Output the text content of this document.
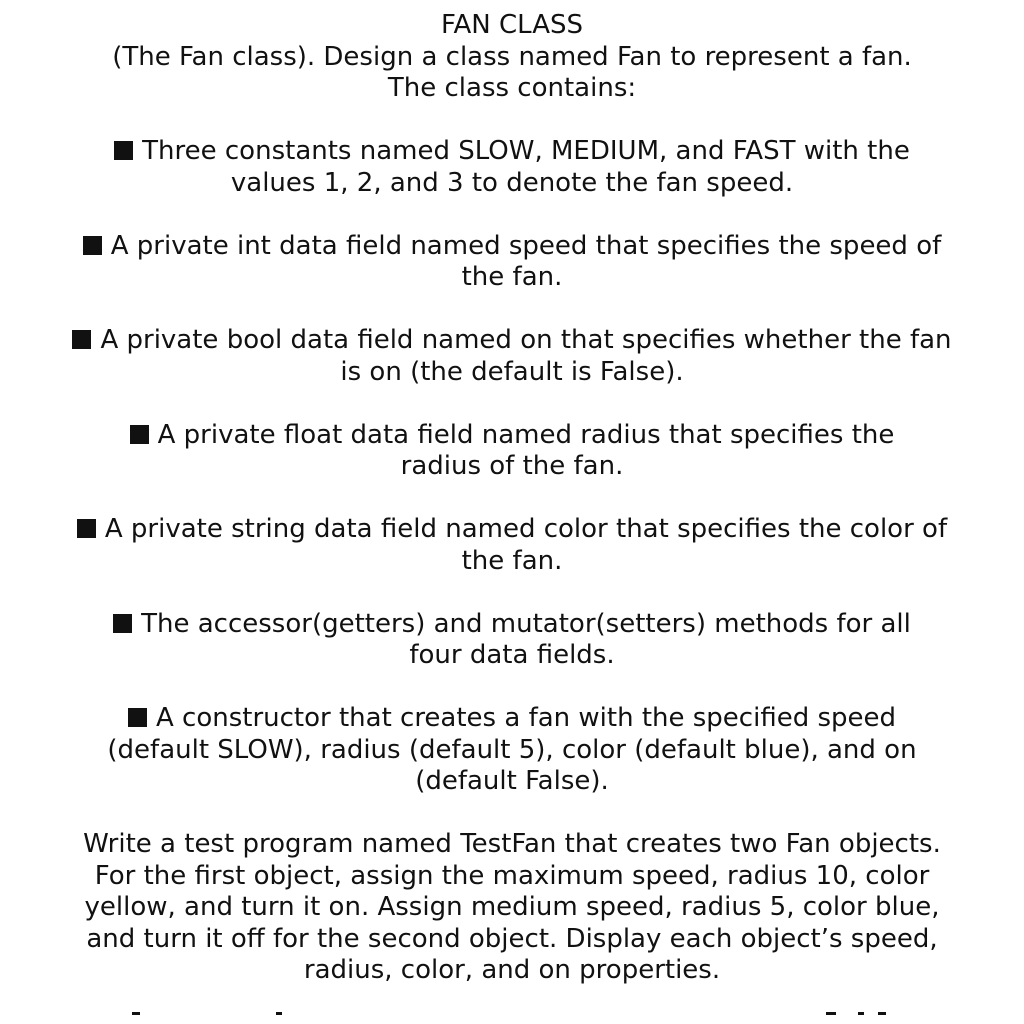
FAN CLASS

(The Fan class). Design a class named Fan to represent a fan.

The class contains:

Three constants named SLOW, MEDIUM, and FAST with the values 1, 2, and 3 to denote the fan speed.

A private int data field named speed that specifies the speed of the fan.

A private bool data field named on that specifies whether the fan is on (the default is False).

A private float data field named radius that specifies the radius of the fan.

A private string data field named color that specifies the color of the fan.

The accessor(getters) and mutator(setters) methods for all four data fields.

A constructor that creates a fan with the specified speed (default SLOW), radius (default 5), color (default blue), and on (default False).

Write a test program named TestFan that creates two Fan objects. For the first object, assign the maximum speed, radius 10, color yellow, and turn it on. Assign medium speed, radius 5, color blue, and turn it off for the second object. Display each object’s speed, radius, color, and on properties.
